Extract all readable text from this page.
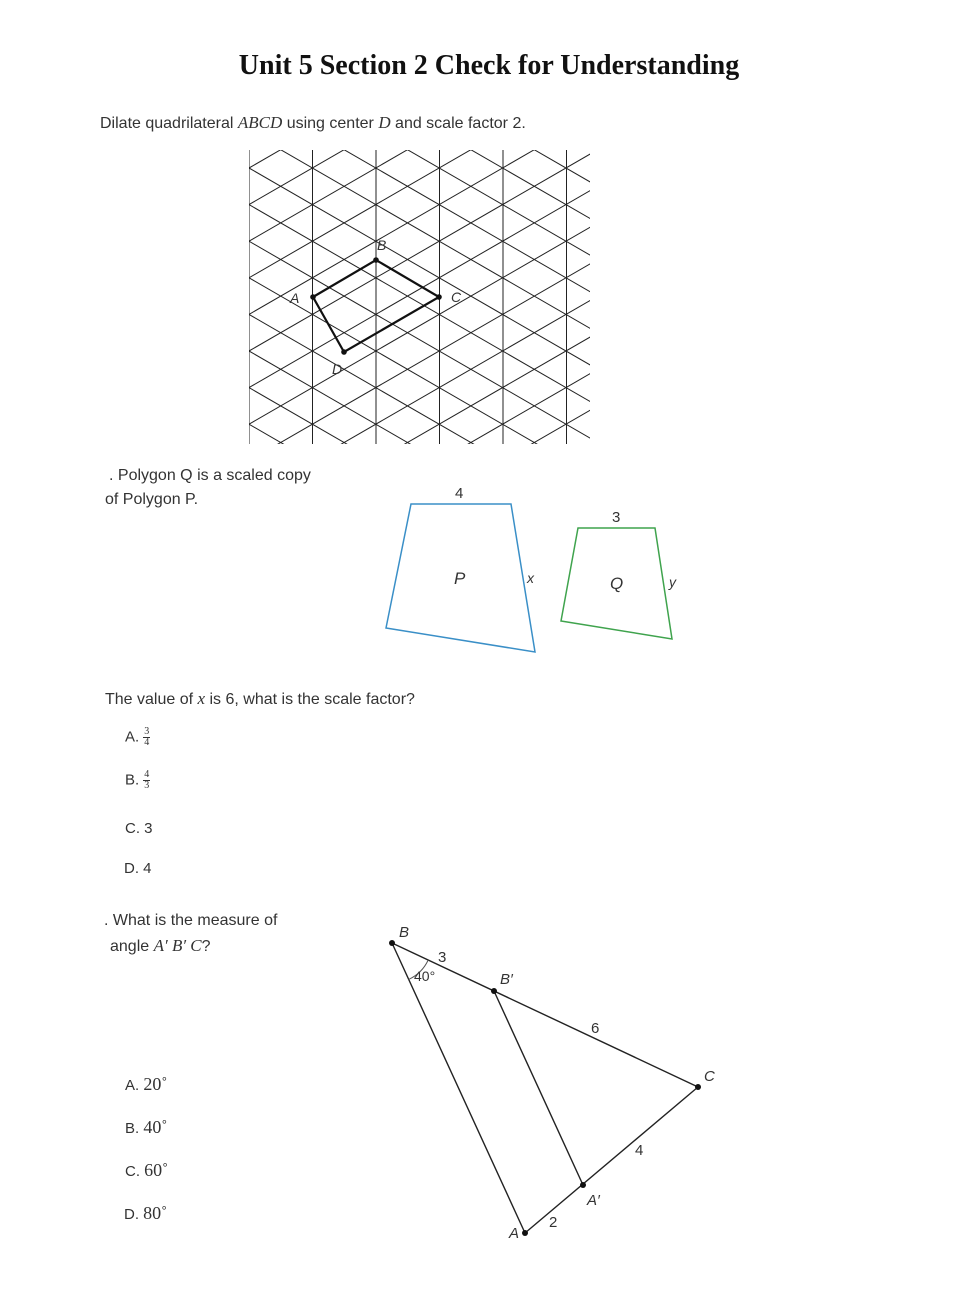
Unit 5 Section 2 Check for Understanding
Dilate quadrilateral ABCD using center D and scale factor 2.
A
B
C
D
. Polygon Q is a scaled copy
of Polygon P.	4
P	x
3
Q	y
The value of x is 6, what is the scale factor?
A. $\frac{3}{4}$
B. $\frac{4}{3}$
C. 3
D. 4
. What is the measure of
angle A′ B′ C?
B
B′
C
A′
A
40°
3
6
4
2
A. 20˚
B. 40˚
C. 60˚
D. 80˚
